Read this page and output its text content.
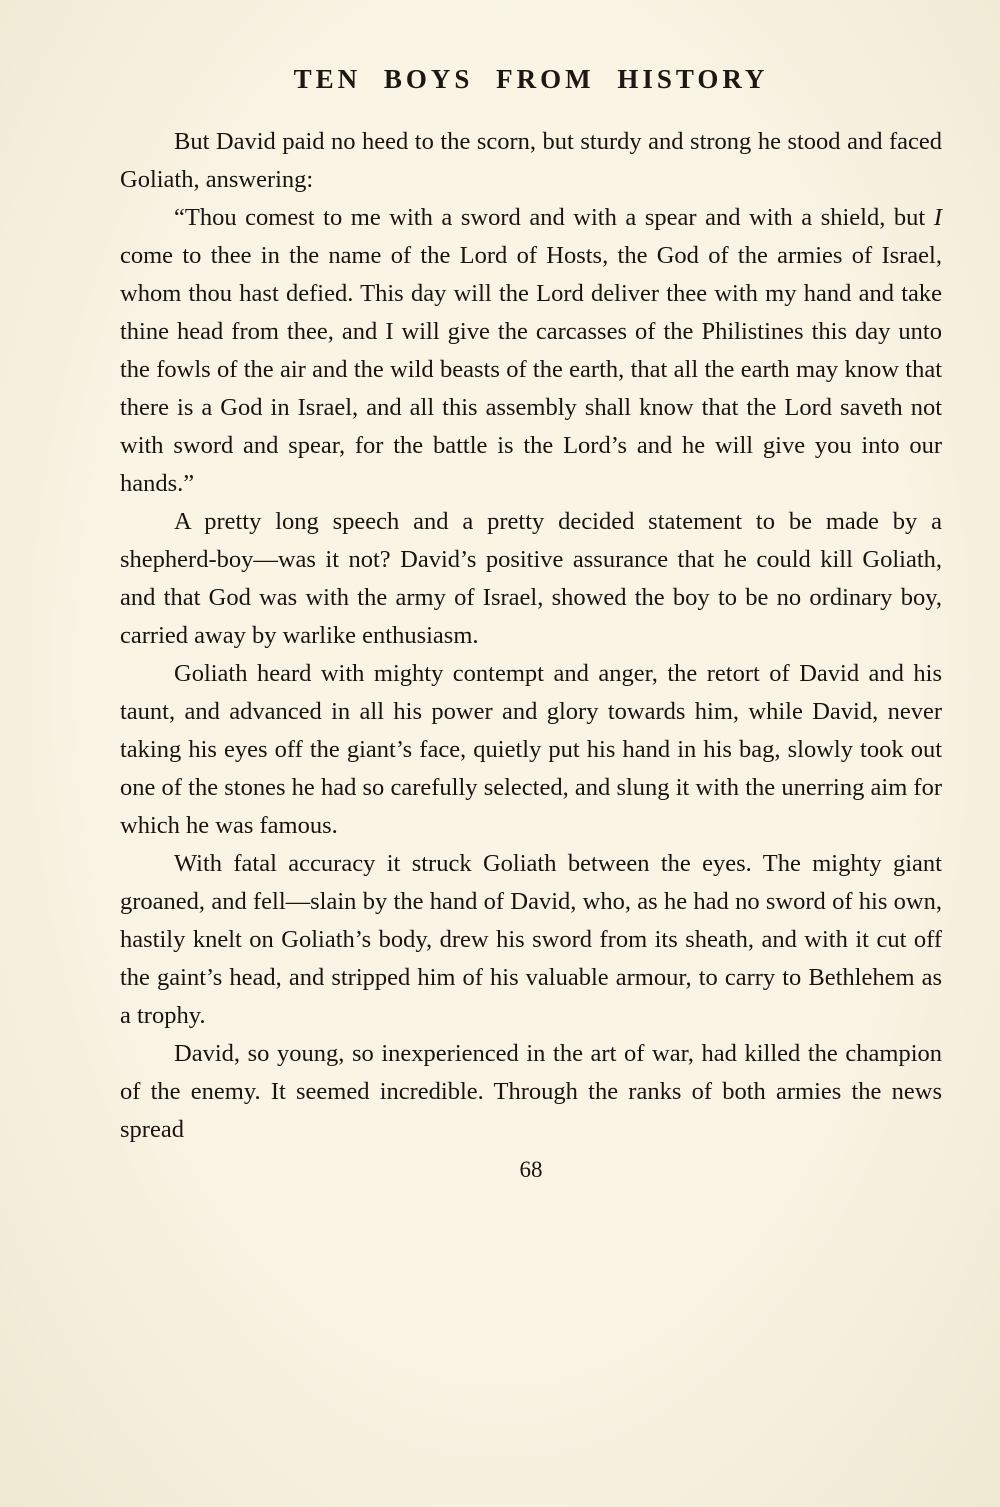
TEN BOYS FROM HISTORY

But David paid no heed to the scorn, but sturdy and strong he stood and faced Goliath, answering:

“Thou comest to me with a sword and with a spear and with a shield, but I come to thee in the name of the Lord of Hosts, the God of the armies of Israel, whom thou hast defied. This day will the Lord deliver thee with my hand and take thine head from thee, and I will give the carcasses of the Philistines this day unto the fowls of the air and the wild beasts of the earth, that all the earth may know that there is a God in Israel, and all this assembly shall know that the Lord saveth not with sword and spear, for the battle is the Lord’s and he will give you into our hands.”

A pretty long speech and a pretty decided statement to be made by a shepherd-boy—was it not? David’s positive assurance that he could kill Goliath, and that God was with the army of Israel, showed the boy to be no ordinary boy, carried away by warlike enthusiasm.

Goliath heard with mighty contempt and anger, the retort of David and his taunt, and advanced in all his power and glory towards him, while David, never taking his eyes off the giant’s face, quietly put his hand in his bag, slowly took out one of the stones he had so carefully selected, and slung it with the unerring aim for which he was famous.

With fatal accuracy it struck Goliath between the eyes. The mighty giant groaned, and fell—slain by the hand of David, who, as he had no sword of his own, hastily knelt on Goliath’s body, drew his sword from its sheath, and with it cut off the gaint’s head, and stripped him of his valuable armour, to carry to Bethlehem as a trophy.

David, so young, so inexperienced in the art of war, had killed the champion of the enemy. It seemed incredible. Through the ranks of both armies the news spread

68
